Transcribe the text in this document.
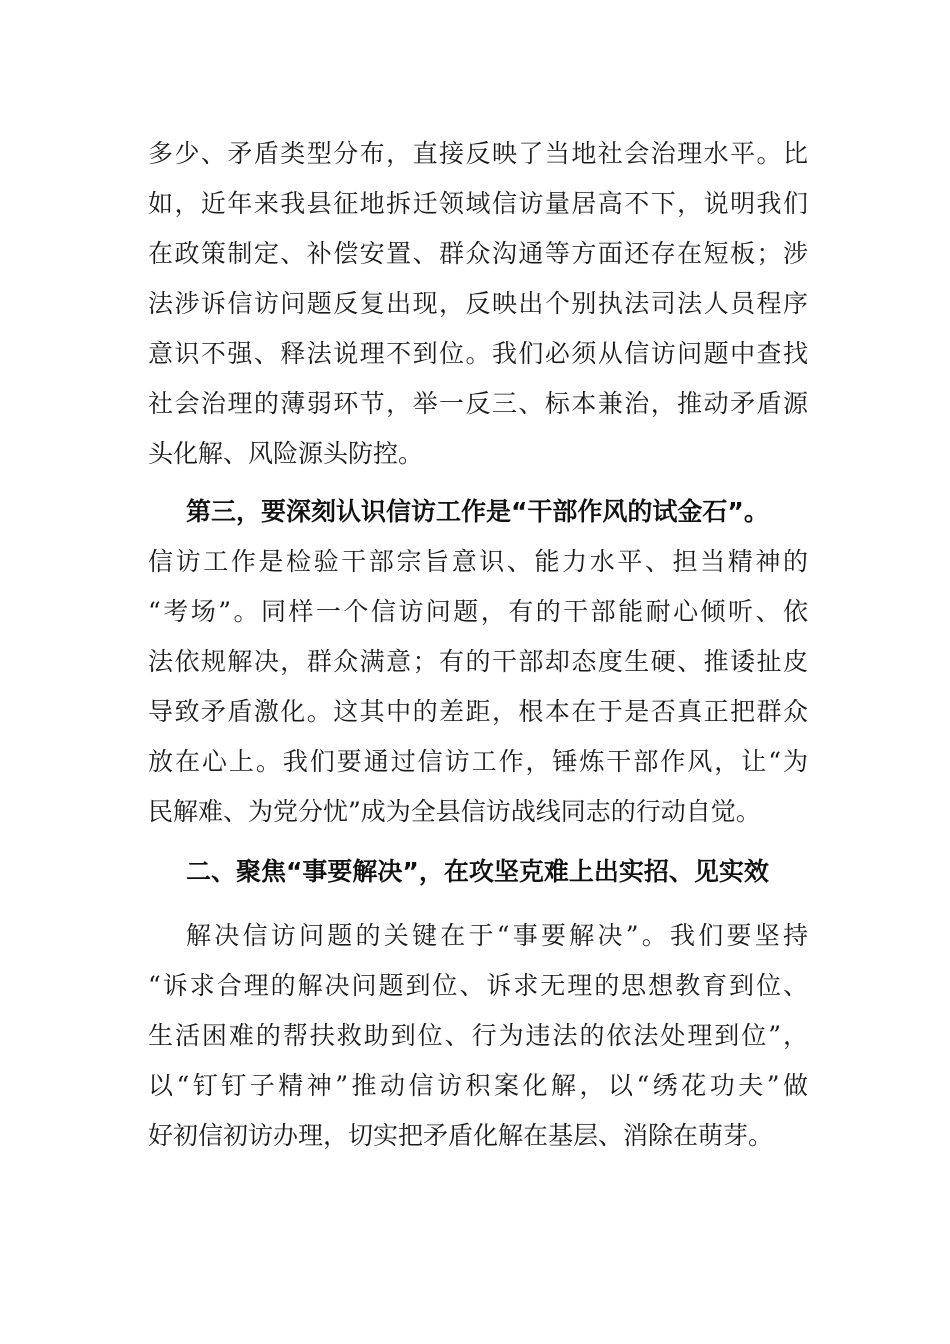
多少、矛盾类型分布，直接反映了当地社会治理水平。比
如，近年来我县征地拆迁领域信访量居高不下，说明我们
在政策制定、补偿安置、群众沟通等方面还存在短板；涉
法涉诉信访问题反复出现，反映出个别执法司法人员程序
意识不强、释法说理不到位。我们必须从信访问题中查找
社会治理的薄弱环节，举一反三、标本兼治，推动矛盾源
头化解、风险源头防控。
第三，要深刻认识信访工作是“干部作风的试金石”。
信访工作是检验干部宗旨意识、能力水平、担当精神的
“考场”。同样一个信访问题，有的干部能耐心倾听、依
法依规解决，群众满意；有的干部却态度生硬、推诿扯皮
导致矛盾激化。这其中的差距，根本在于是否真正把群众
放在心上。我们要通过信访工作，锤炼干部作风，让“为
民解难、为党分忧”成为全县信访战线同志的行动自觉。
二、聚焦“事要解决”，在攻坚克难上出实招、见实效
解决信访问题的关键在于“事要解决”。我们要坚持
“诉求合理的解决问题到位、诉求无理的思想教育到位、
生活困难的帮扶救助到位、行为违法的依法处理到位”，
以“钉钉子精神”推动信访积案化解，以“绣花功夫”做
好初信初访办理，切实把矛盾化解在基层、消除在萌芽。
